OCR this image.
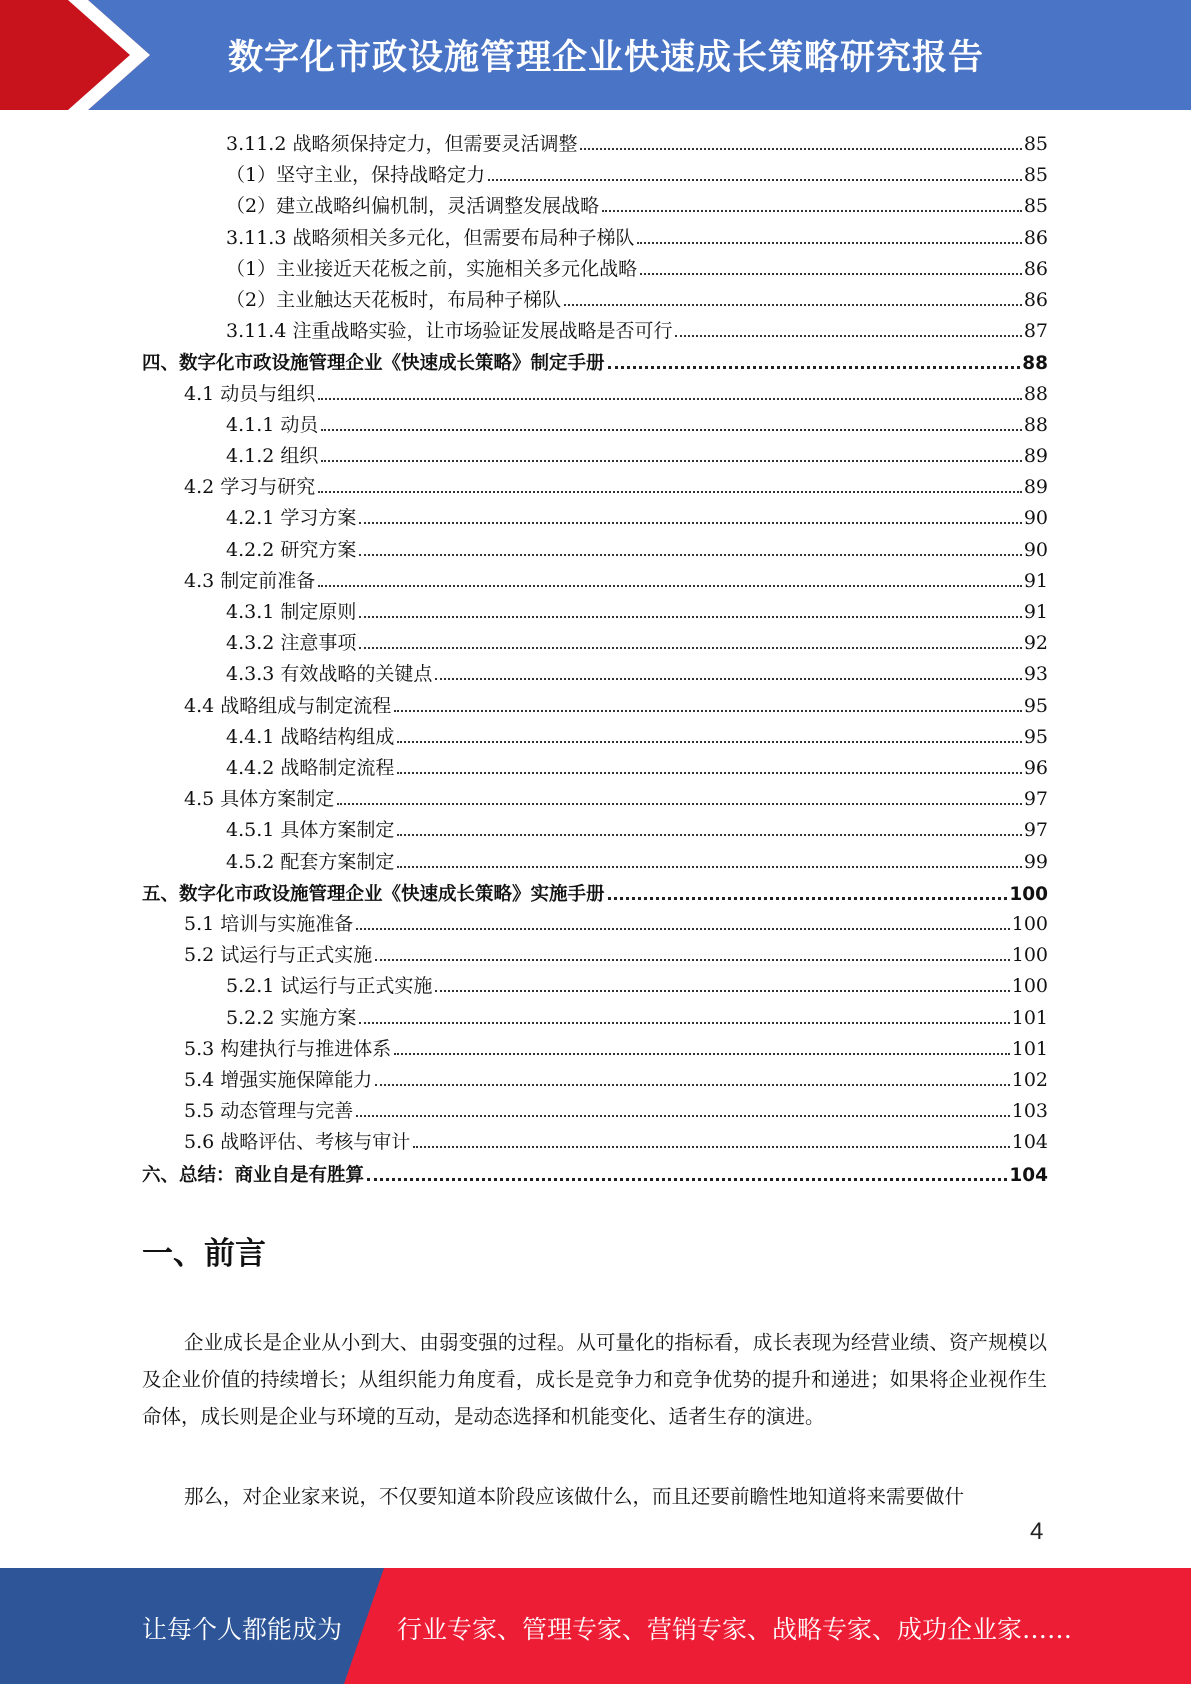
数字化市政设施管理企业快速成长策略研究报告
3.11.2 战略须保持定力，但需要灵活调整	85
（1）坚守主业，保持战略定力	85
（2）建立战略纠偏机制，灵活调整发展战略	85
3.11.3 战略须相关多元化，但需要布局种子梯队	86
（1）主业接近天花板之前，实施相关多元化战略	86
（2）主业触达天花板时，布局种子梯队	86
3.11.4 注重战略实验，让市场验证发展战略是否可行	87
四、数字化市政设施管理企业《快速成长策略》制定手册	88
4.1 动员与组织	88
4.1.1 动员	88
4.1.2 组织	89
4.2 学习与研究	89
4.2.1 学习方案	90
4.2.2 研究方案	90
4.3 制定前准备	91
4.3.1 制定原则	91
4.3.2 注意事项	92
4.3.3 有效战略的关键点	93
4.4 战略组成与制定流程	95
4.4.1 战略结构组成	95
4.4.2 战略制定流程	96
4.5 具体方案制定	97
4.5.1 具体方案制定	97
4.5.2 配套方案制定	99
五、数字化市政设施管理企业《快速成长策略》实施手册	100
5.1 培训与实施准备	100
5.2 试运行与正式实施	100
5.2.1 试运行与正式实施	100
5.2.2 实施方案	101
5.3 构建执行与推进体系	101
5.4 增强实施保障能力	102
5.5 动态管理与完善	103
5.6 战略评估、考核与审计	104
六、总结：商业自是有胜算	104
一、前言
企业成长是企业从小到大、由弱变强的过程。从可量化的指标看，成长表现为经营业绩、资产规模以及企业价值的持续增长；从组织能力角度看，成长是竞争力和竞争优势的提升和递进；如果将企业视作生命体，成长则是企业与环境的互动，是动态选择和机能变化、适者生存的演进。
那么，对企业家来说，不仅要知道本阶段应该做什么，而且还要前瞻性地知道将来需要做什
4
让每个人都能成为 行业专家、管理专家、营销专家、战略专家、成功企业家……
